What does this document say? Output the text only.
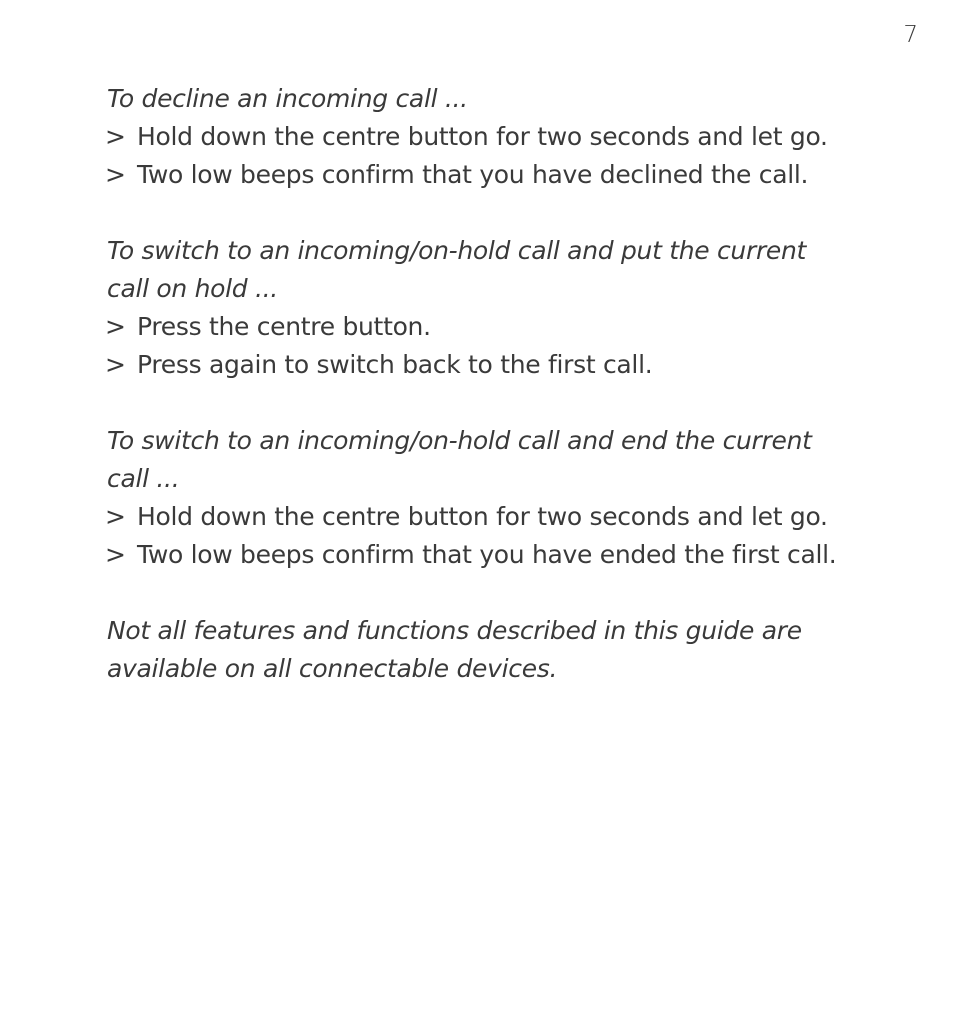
7

To decline an incoming call ...

> Hold down the centre button for two seconds and let go.
> Two low beeps confirm that you have declined the call.

To switch to an incoming/on-hold call and put the current

call on hold ...

> Press the centre button.
> Press again to switch back to the first call.

To switch to an incoming/on-hold call and end the current

call ...

> Hold down the centre button for two seconds and let go.
> Two low beeps confirm that you have ended the first call.

Not all features and functions described in this guide are

available on all connectable devices.
